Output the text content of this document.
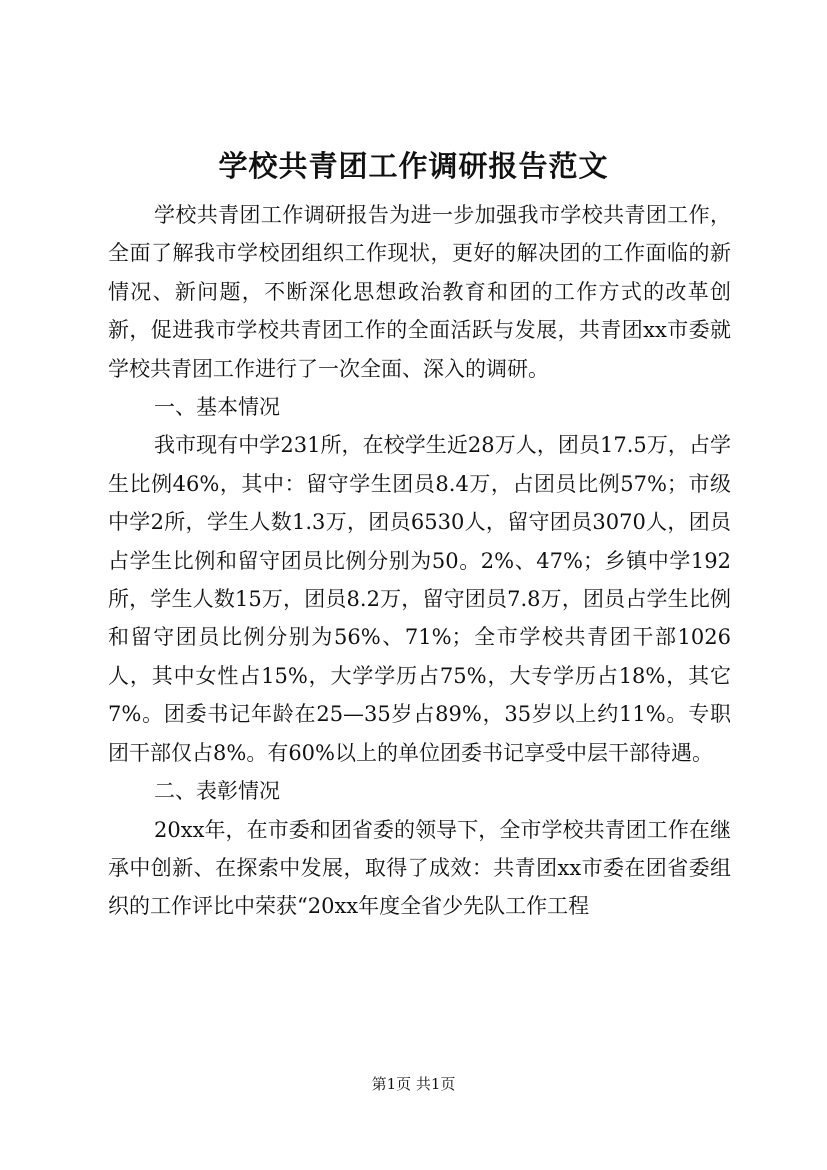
学校共青团工作调研报告范文

学校共青团工作调研报告为进一步加强我市学校共青团工作，全面了解我市学校团组织工作现状，更好的解决团的工作面临的新情况、新问题，不断深化思想政治教育和团的工作方式的改革创新，促进我市学校共青团工作的全面活跃与发展，共青团xx市委就学校共青团工作进行了一次全面、深入的调研。

一、基本情况

我市现有中学231所，在校学生近28万人，团员17.5万，占学生比例46%，其中：留守学生团员8.4万，占团员比例57%；市级中学2所，学生人数1.3万，团员6530人，留守团员3070人，团员占学生比例和留守团员比例分别为50。2%、47%；乡镇中学192所，学生人数15万，团员8.2万，留守团员7.8万，团员占学生比例和留守团员比例分别为56%、71%；全市学校共青团干部1026人，其中女性占15%，大学学历占75%，大专学历占18%，其它7%。团委书记年龄在25—35岁占89%，35岁以上约11%。专职团干部仅占8%。有60%以上的单位团委书记享受中层干部待遇。

二、表彰情况

20xx年，在市委和团省委的领导下，全市学校共青团工作在继承中创新、在探索中发展，取得了成效：共青团xx市委在团省委组织的工作评比中荣获“20xx年度全省少先队工作工程

第1页 共1页
